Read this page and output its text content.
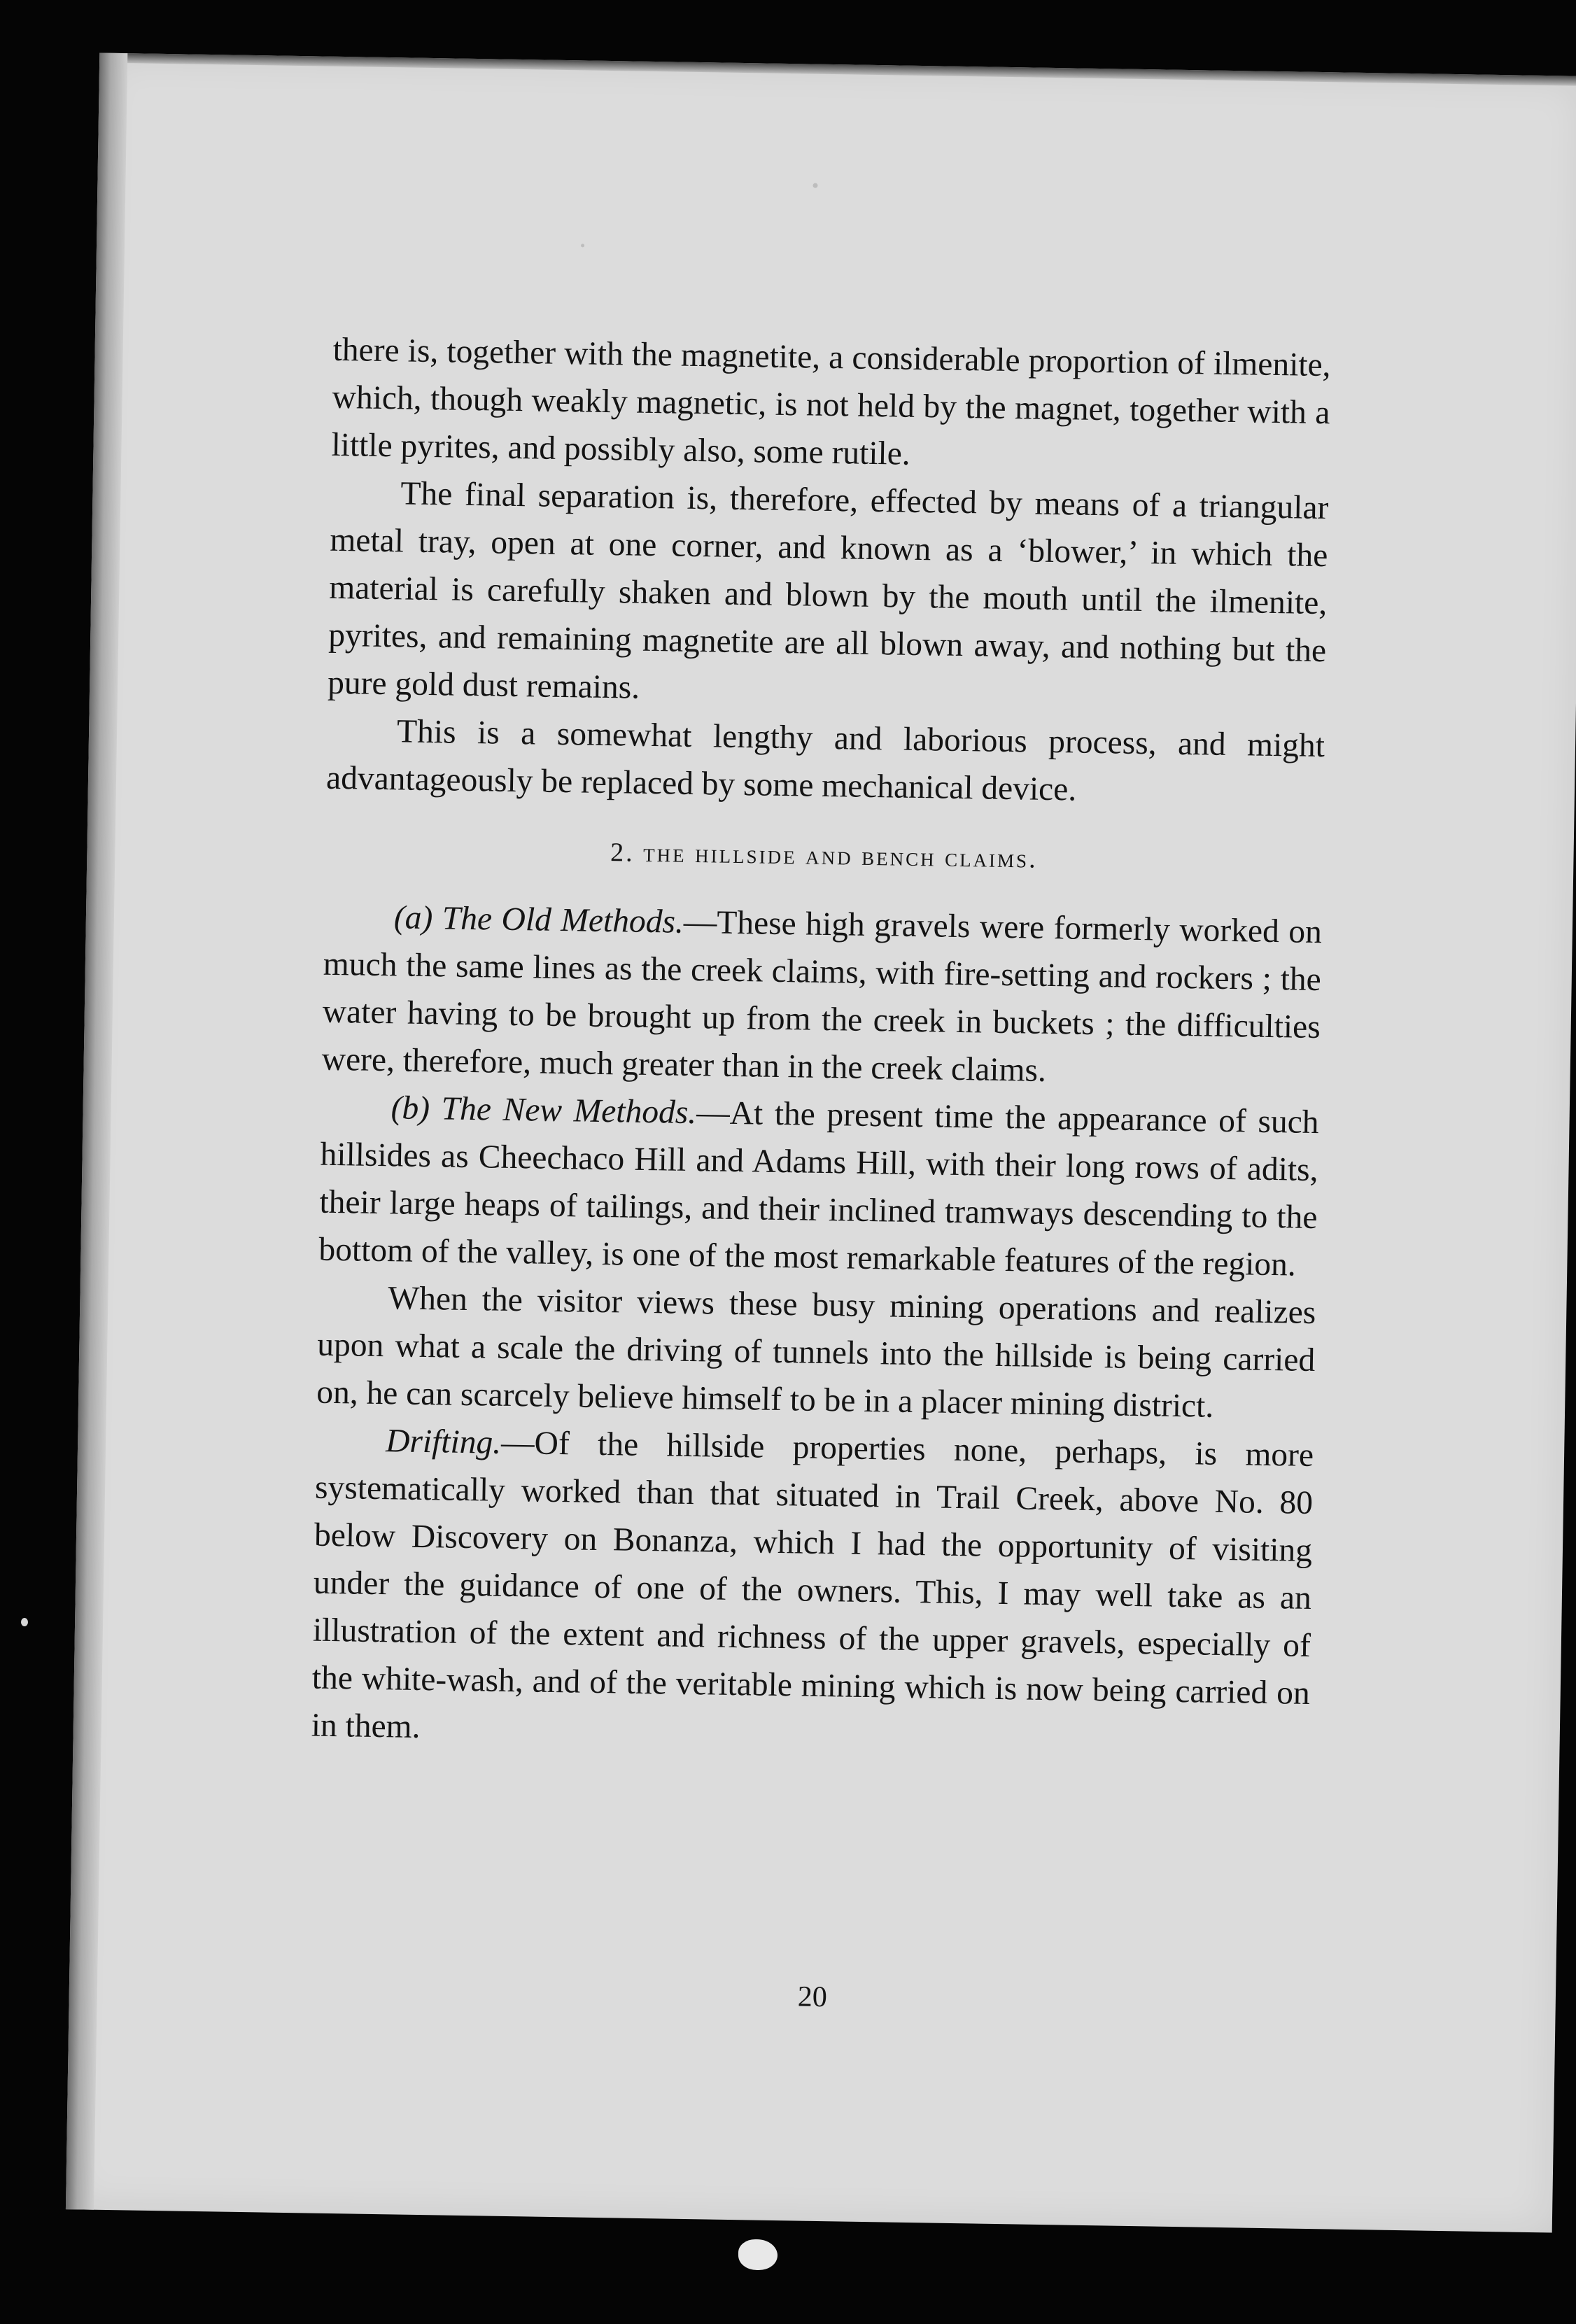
there is, together with the magnetite, a considerable proportion of ilmenite, which, though weakly magnetic, is not held by the magnet, together with a little pyrites, and possibly also, some rutile.

The final separation is, therefore, effected by means of a triangular metal tray, open at one corner, and known as a ‘blower,’ in which the material is carefully shaken and blown by the mouth until the ilmenite, pyrites, and remaining magnetite are all blown away, and nothing but the pure gold dust remains.

This is a somewhat lengthy and laborious process, and might advantageously be replaced by some mechanical device.

2. the hillside and bench claims.

(a) The Old Methods.—These high gravels were formerly worked on much the same lines as the creek claims, with fire-setting and rockers ; the water having to be brought up from the creek in buckets ; the difficulties were, therefore, much greater than in the creek claims.

(b) The New Methods.—At the present time the appearance of such hillsides as Cheechaco Hill and Adams Hill, with their long rows of adits, their large heaps of tailings, and their inclined tramways descending to the bottom of the valley, is one of the most remarkable features of the region.

When the visitor views these busy mining operations and realizes upon what a scale the driving of tunnels into the hillside is being carried on, he can scarcely believe himself to be in a placer mining district.

Drifting.—Of the hillside properties none, perhaps, is more systematically worked than that situated in Trail Creek, above No. 80 below Discovery on Bonanza, which I had the opportunity of visiting under the guidance of one of the owners. This, I may well take as an illustration of the extent and richness of the upper gravels, especially of the white-wash, and of the veritable mining which is now being carried on in them.

20
